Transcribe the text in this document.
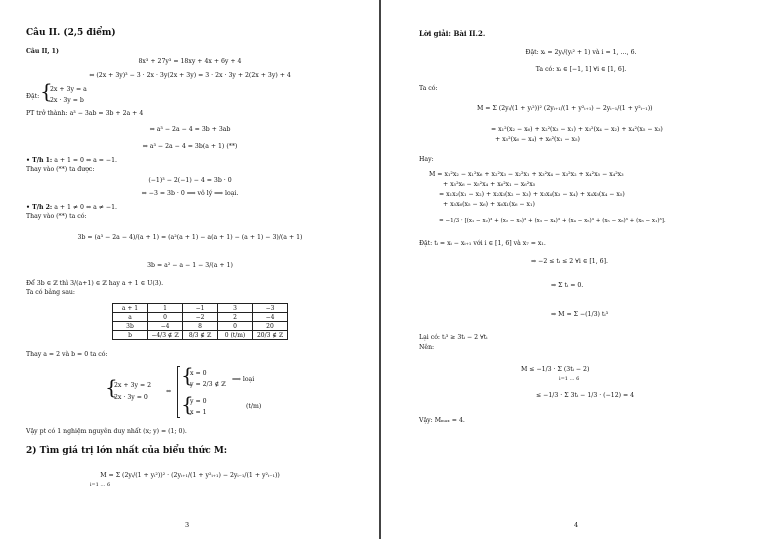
Câu II. (2,5 điểm)
Câu II, 1)
8x³ + 27y³ = 18xy + 4x + 6y + 4
⇔ (2x + 3y)³ − 3 · 2x · 3y(2x + 3y) = 3 · 2x · 3y + 2(2x + 3y) + 4
Đặt: {
2x + 3y = a
2x · 3y = b
PT trở thành: a³ − 3ab = 3b + 2a + 4
⇔ a³ − 2a − 4 = 3b + 3ab
⇔ a³ − 2a − 4 = 3b(a + 1) (**)
• T/h 1: a + 1 = 0 ⇔ a = −1.
Thay vào (**) ta được:
(−1)³ − 2(−1) − 4 = 3b · 0
⇔ −3 = 3b · 0 ⟹ vô lý ⟹ loại.
• T/h 2: a + 1 ≠ 0 ⇔ a ≠ −1.
Thay vào (**) ta có:
3b = (a³ − 2a − 4)/(a + 1) = (a²(a + 1) − a(a + 1) − (a + 1) − 3)/(a + 1)
3b = a² − a − 1 − 3/(a + 1)
Để 3b ∈ ℤ thì 3/(a+1) ∈ ℤ hay a + 1 ∈ U(3).
Ta có bảng sau:
a + 1	1	−1	3	−3
a	0	−2	2	−4
3b	−4	8	0	20
b	−4/3 ∉ ℤ	8/3 ∉ ℤ	0 (t/m)	20/3 ∉ ℤ
Thay a = 2 và b = 0 ta có:
{
2x + 3y = 2
2x · 3y = 0
⇔
{
x = 0
y = 2/3 ∉ ℤ
⟹ loại
{
y = 0
x = 1
(t/m)
Vậy pt có 1 nghiệm nguyên duy nhất (x; y) = (1; 0).
2) Tìm giá trị lớn nhất của biểu thức M:
M = Σ (2yᵢ/(1 + yᵢ²))² · (2yᵢ₊₁/(1 + y²ᵢ₊₁) − 2yᵢ₋₁/(1 + y²ᵢ₋₁))
i=1 … 6
3
Lời giải: Bài II.2.
Đặt: xᵢ = 2yᵢ/(yᵢ² + 1) và i = 1, …, 6.
Ta có: xᵢ ∈ [−1, 1] ∀i ∈ [1, 6].
Ta có:
M = Σ (2yᵢ/(1 + yᵢ²))² (2yᵢ₊₁/(1 + y²ᵢ₊₁) − 2yᵢ₋₁/(1 + y²ᵢ₋₁))
= x₁²(x₂ − x₆) + x₂²(x₃ − x₁) + x₃²(x₄ − x₂) + x₄²(x₅ − x₃)
+ x₅²(x₆ − x₄) + x₆²(x₁ − x₅)
Hay:
M = x₁²x₂ − x₁²x₆ + x₂²x₃ − x₂²x₁ + x₃²x₄ − x₃²x₂ + x₄²x₅ − x₄²x₃
+ x₅²x₆ − x₅²x₄ + x₆²x₁ − x₆²x₅
= x₁x₂(x₁ − x₂) + x₂x₃(x₂ − x₃) + x₃x₄(x₃ − x₄) + x₄x₅(x₄ − x₅)
+ x₅x₆(x₅ − x₆) + x₆x₁(x₆ − x₁)
= −1/3 · [(x₁ − x₂)³ + (x₂ − x₃)³ + (x₃ − x₄)³ + (x₄ − x₅)³ + (x₅ − x₆)³ + (x₆ − x₁)³].
Đặt: tᵢ = xᵢ − xᵢ₊₁ với i ∈ [1, 6] và x₇ = x₁.
⇒ −2 ≤ tᵢ ≤ 2 ∀i ∈ [1, 6].
⇒ Σ tᵢ = 0.
⇒ M = Σ −(1/3) tᵢ³
Lại có: tᵢ³ ≥ 3tᵢ − 2 ∀tᵢ
Nên:
M ≤ −1/3 · Σ (3tᵢ − 2)
≤ −1/3 · Σ 3tᵢ − 1/3 · (−12) = 4
i=1 … 6
Vậy: Mₘₐₓ = 4.
4
